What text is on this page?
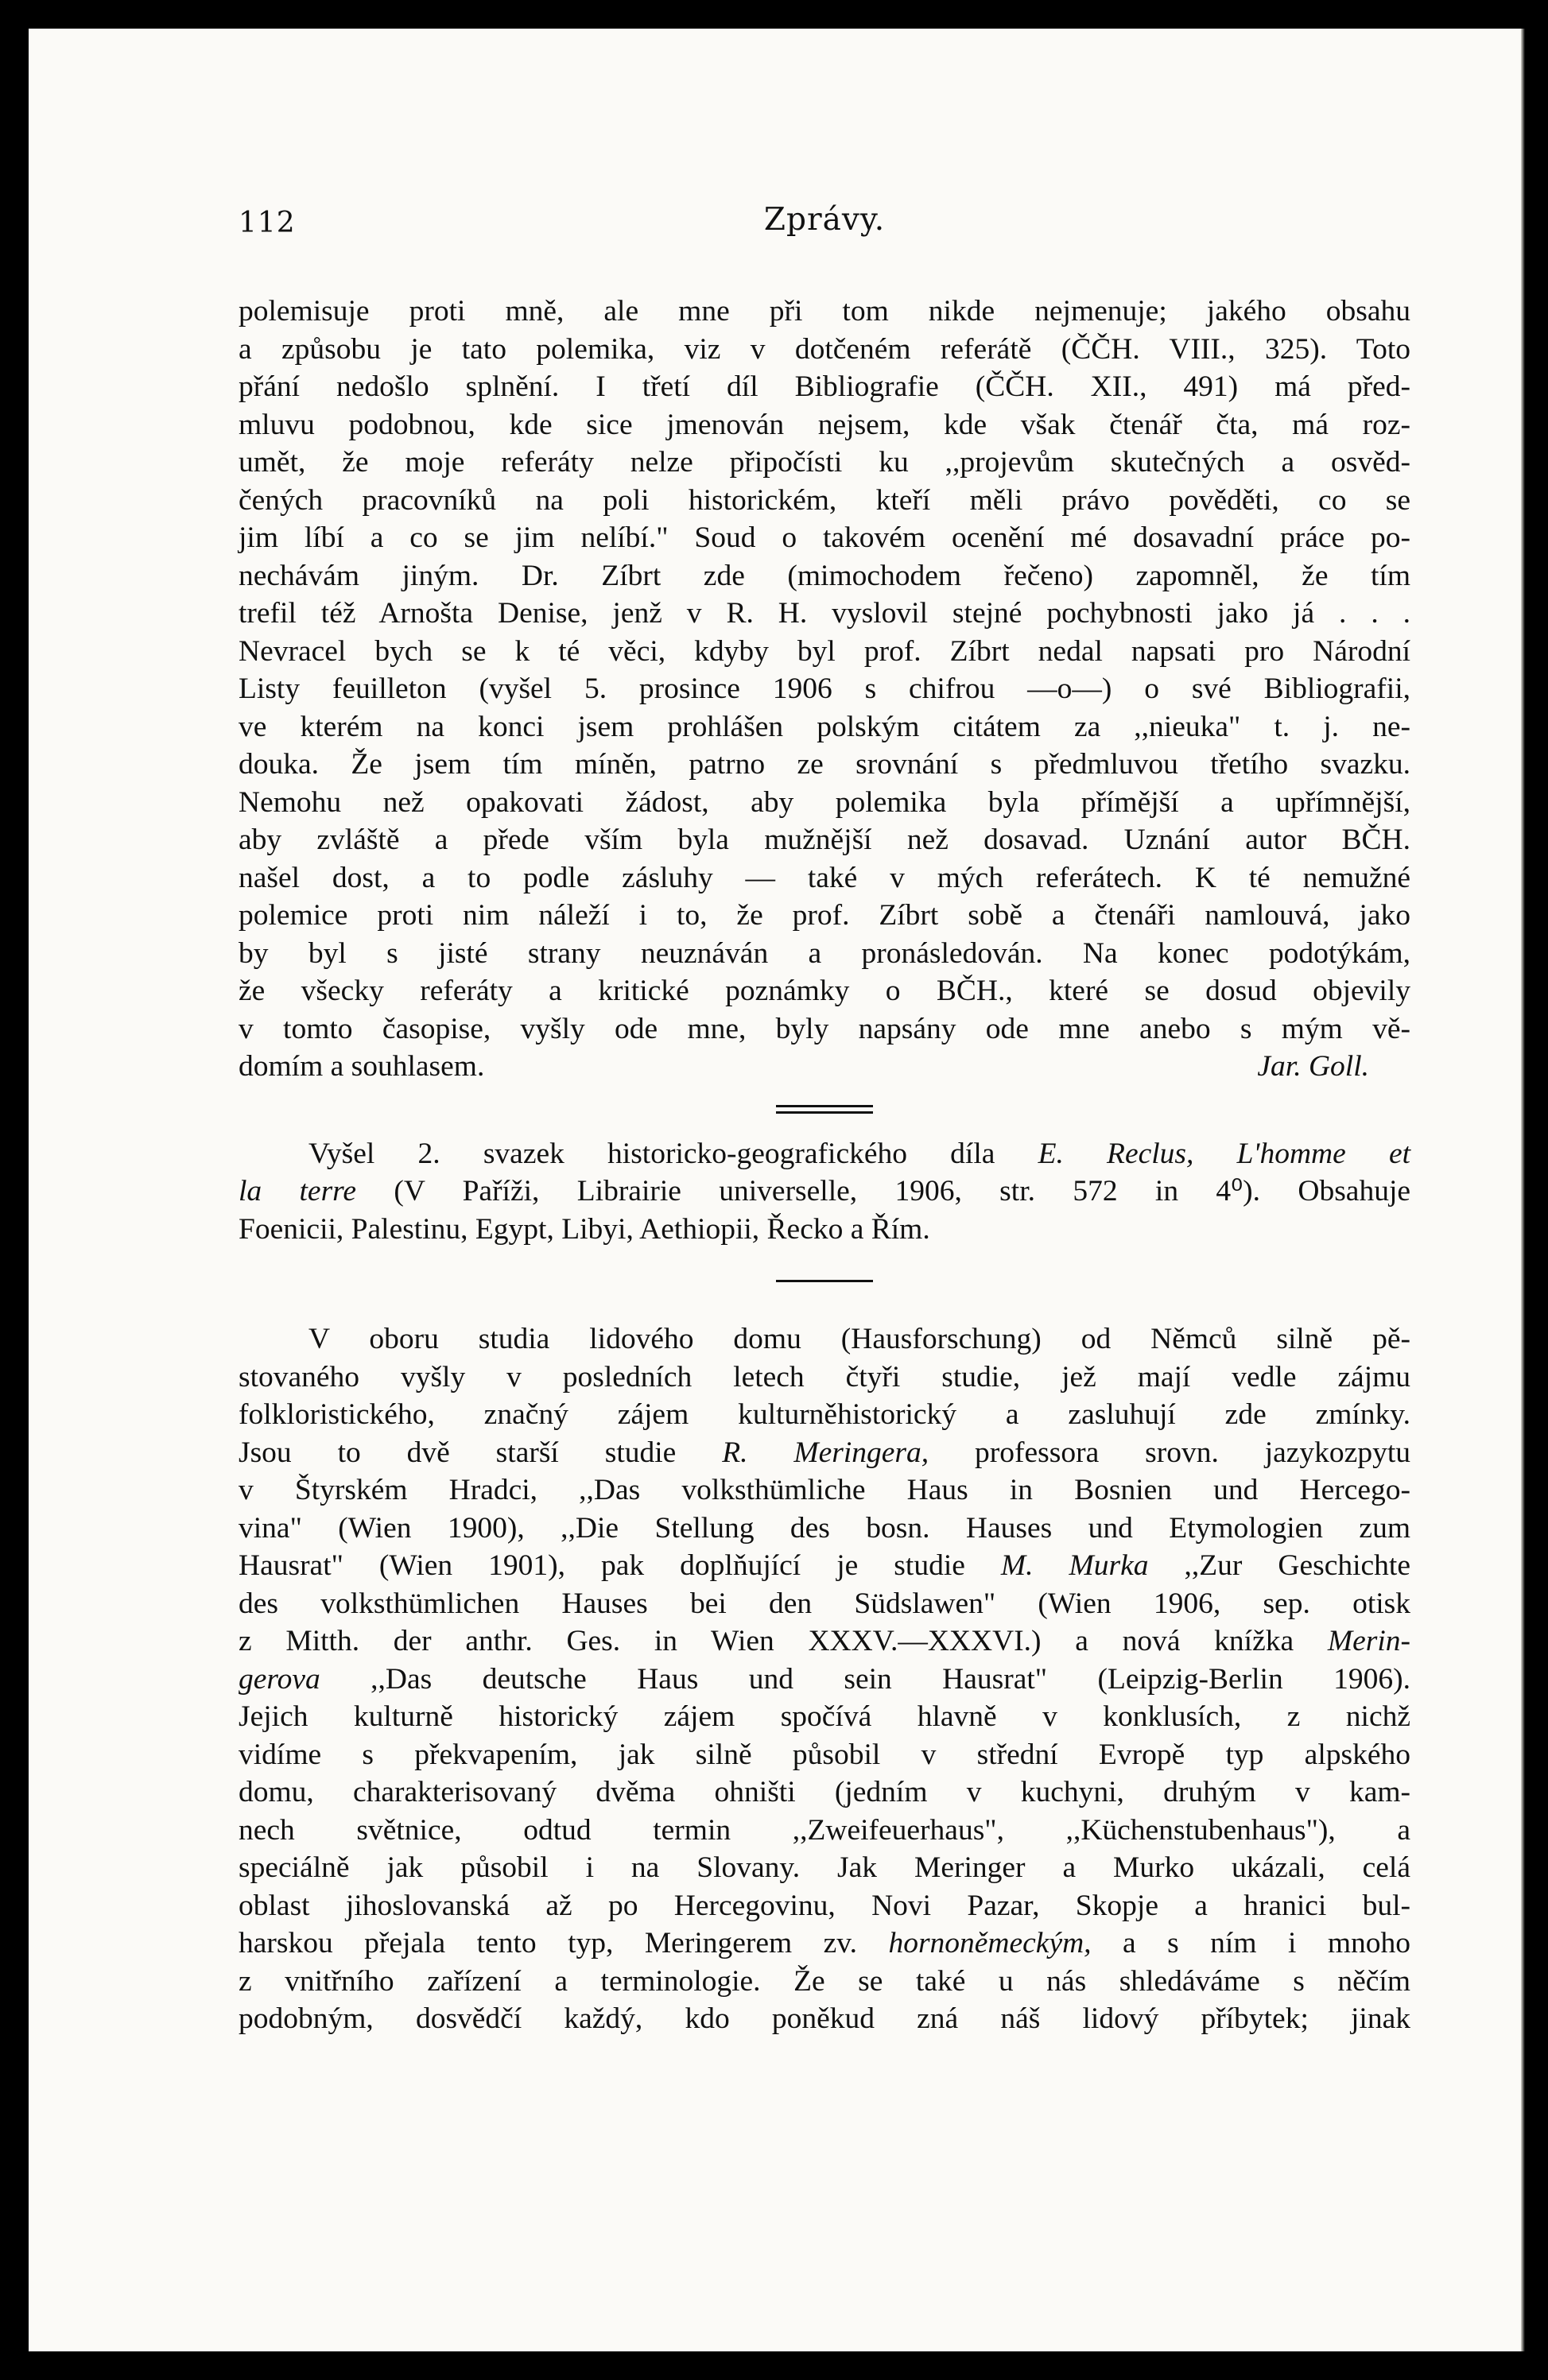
112	Zprávy.
polemisuje proti mně, ale mne při tom nikde nejmenuje; jakého obsahu
a způsobu je tato polemika, viz v dotčeném referátě (ČČH. VIII., 325). Toto
přání nedošlo splnění. I třetí díl Bibliografie (ČČH. XII., 491) má před-
mluvu podobnou, kde sice jmenován nejsem, kde však čtenář čta, má roz-
umět, že moje referáty nelze připočísti ku ,,projevům skutečných a osvěd-
čených pracovníků na poli historickém, kteří měli právo pověděti, co se
jim líbí a co se jim nelíbí." Soud o takovém ocenění mé dosavadní práce po-
nechávám jiným. Dr. Zíbrt zde (mimochodem řečeno) zapomněl, že tím
trefil též Arnošta Denise, jenž v R. H. vyslovil stejné pochybnosti jako já . . .
Nevracel bych se k té věci, kdyby byl prof. Zíbrt nedal napsati pro Národní
Listy feuilleton (vyšel 5. prosince 1906 s chifrou —o—) o své Bibliografii,
ve kterém na konci jsem prohlášen polským citátem za ,,nieuka" t. j. ne-
douka. Že jsem tím míněn, patrno ze srovnání s předmluvou třetího svazku.
Nemohu než opakovati žádost, aby polemika byla přímější a upřímnější,
aby zvláště a přede vším byla mužnější než dosavad. Uznání autor BČH.
našel dost, a to podle zásluhy — také v mých referátech. K té nemužné
polemice proti nim náleží i to, že prof. Zíbrt sobě a čtenáři namlouvá, jako
by byl s jisté strany neuznáván a pronásledován. Na konec podotýkám,
že všecky referáty a kritické poznámky o BČH., které se dosud objevily
v tomto časopise, vyšly ode mne, byly napsány ode mne anebo s mým vě-
domím a souhlasem.	Jar. Goll.
Vyšel 2. svazek historicko-geografického díla E. Reclus, L'homme et
la terre (V Paříži, Librairie universelle, 1906, str. 572 in 4⁰). Obsahuje
Foenicii, Palestinu, Egypt, Libyi, Aethiopii, Řecko a Řím.
V oboru studia lidového domu (Hausforschung) od Němců silně pě-
stovaného vyšly v posledních letech čtyři studie, jež mají vedle zájmu
folkloristického, značný zájem kulturněhistorický a zasluhují zde zmínky.
Jsou to dvě starší studie R. Meringera, professora srovn. jazykozpytu
v Štyrském Hradci, ,,Das volksthümliche Haus in Bosnien und Hercego-
vina" (Wien 1900), ,,Die Stellung des bosn. Hauses und Etymologien zum
Hausrat" (Wien 1901), pak doplňující je studie M. Murka ,,Zur Geschichte
des volksthümlichen Hauses bei den Südslawen" (Wien 1906, sep. otisk
z Mitth. der anthr. Ges. in Wien XXXV.—XXXVI.) a nová knížka Merin-
gerova ,,Das deutsche Haus und sein Hausrat" (Leipzig-Berlin 1906).
Jejich kulturně historický zájem spočívá hlavně v konklusích, z nichž
vidíme s překvapením, jak silně působil v střední Evropě typ alpského
domu, charakterisovaný dvěma ohništi (jedním v kuchyni, druhým v kam-
nech světnice, odtud termin ,,Zweifeuerhaus", ,,Küchenstubenhaus"), a
speciálně jak působil i na Slovany. Jak Meringer a Murko ukázali, celá
oblast jihoslovanská až po Hercegovinu, Novi Pazar, Skopje a hranici bul-
harskou přejala tento typ, Meringerem zv. hornoněmeckým, a s ním i mnoho
z vnitřního zařízení a terminologie. Že se také u nás shledáváme s něčím
podobným, dosvědčí každý, kdo poněkud zná náš lidový příbytek; jinak
